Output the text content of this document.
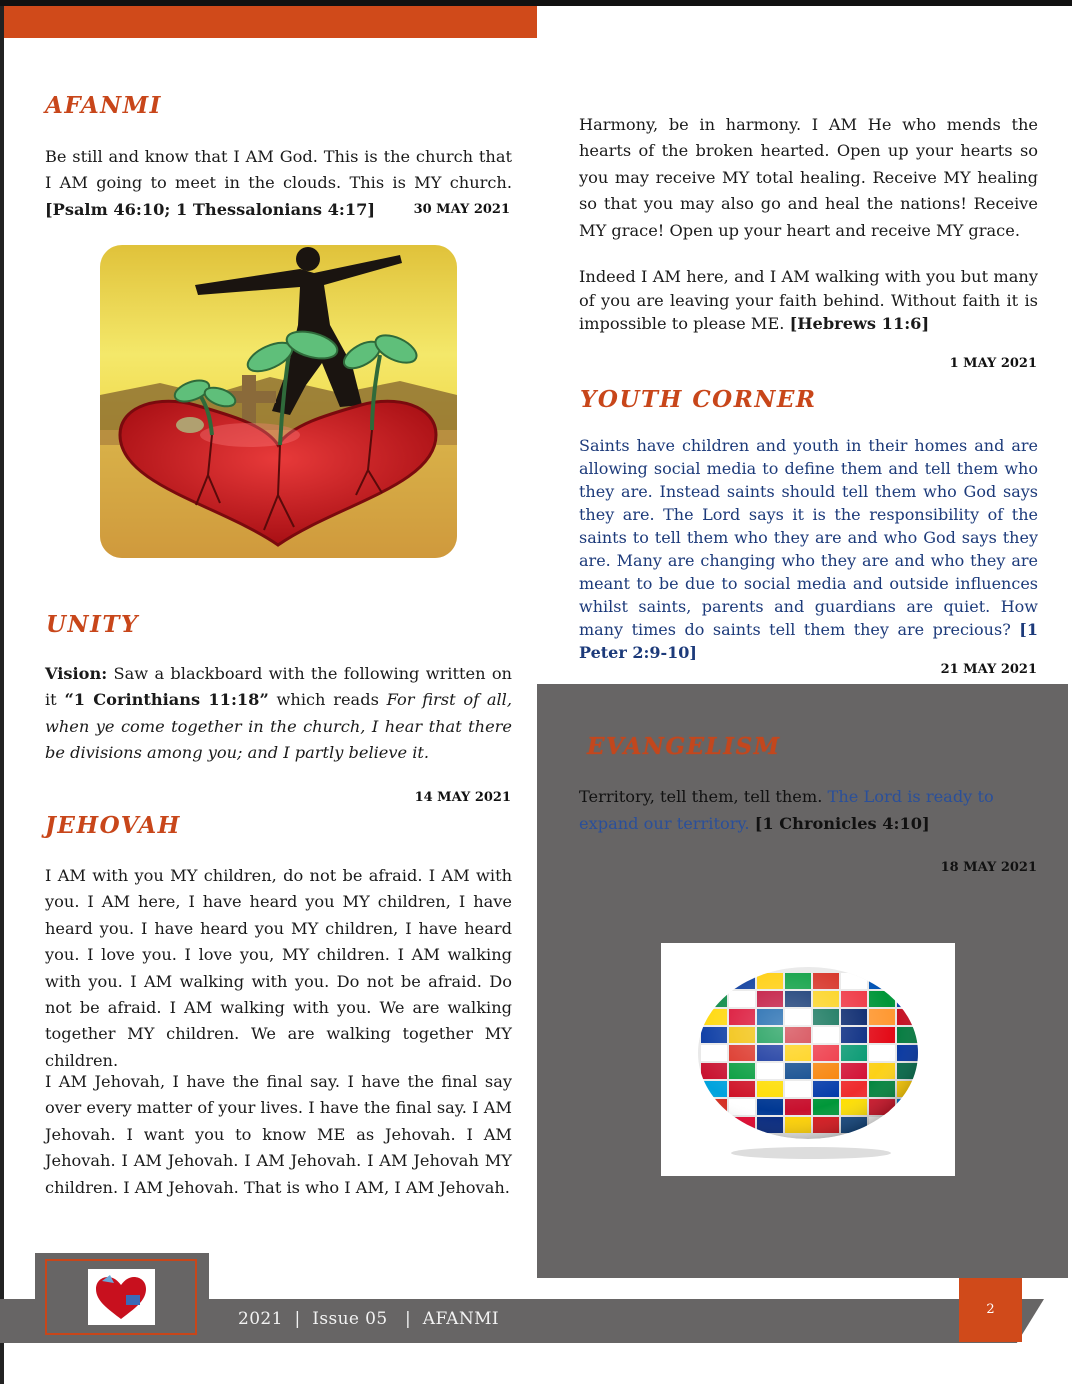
AFANMI

Be still and know that I AM God. This is the church that I AM going to meet in the clouds. This is MY church. [Psalm 46:10; 1 Thessalonians 4:17]	30 MAY 2021

UNITY

Vision: Saw a blackboard with the following written on it “1 Corinthians 11:18” which reads For first of all, when ye come together in the church, I hear that there be divisions among you; and I partly believe it.

14 MAY 2021

JEHOVAH

I AM with you MY children, do not be afraid. I AM with you. I AM here, I have heard you MY children, I have heard you. I have heard you MY children, I have heard you. I love you. I love you, MY children. I AM walking with you. I AM walking with you. Do not be afraid. Do not be afraid. I AM walking with you. We are walking together MY children. We are walking together MY children.

I AM Jehovah, I have the final say. I have the final say over every matter of your lives. I have the final say. I AM Jehovah. I want you to know ME as Jehovah. I AM Jehovah. I AM Jehovah. I AM Jehovah. I AM Jehovah MY children. I AM Jehovah. That is who I AM, I AM Jehovah.

Harmony, be in harmony. I AM He who mends the hearts of the broken hearted. Open up your hearts so you may receive MY total healing. Receive MY healing so that you may also go and heal the nations! Receive MY grace! Open up your heart and receive MY grace.

Indeed I AM here, and I AM walking with you but many of you are leaving your faith behind. Without faith it is impossible to please ME. [Hebrews 11:6]

1 MAY 2021

YOUTH CORNER

Saints have children and youth in their homes and are allowing social media to define them and tell them who they are. Instead saints should tell them who God says they are. The Lord says it is the responsibility of the saints to tell them who they are and who God says they are. Many are changing who they are and who they are meant to be due to social media and outside influences whilst saints, parents and guardians are quiet. How many times do saints tell them they are precious? [1 Peter 2:9-10]

21 MAY 2021

EVANGELISM

Territory, tell them, tell them. The Lord is ready to expand our territory. [1 Chronicles 4:10]

18 MAY 2021

2021  |  Issue 05   |  AFANMI	2
